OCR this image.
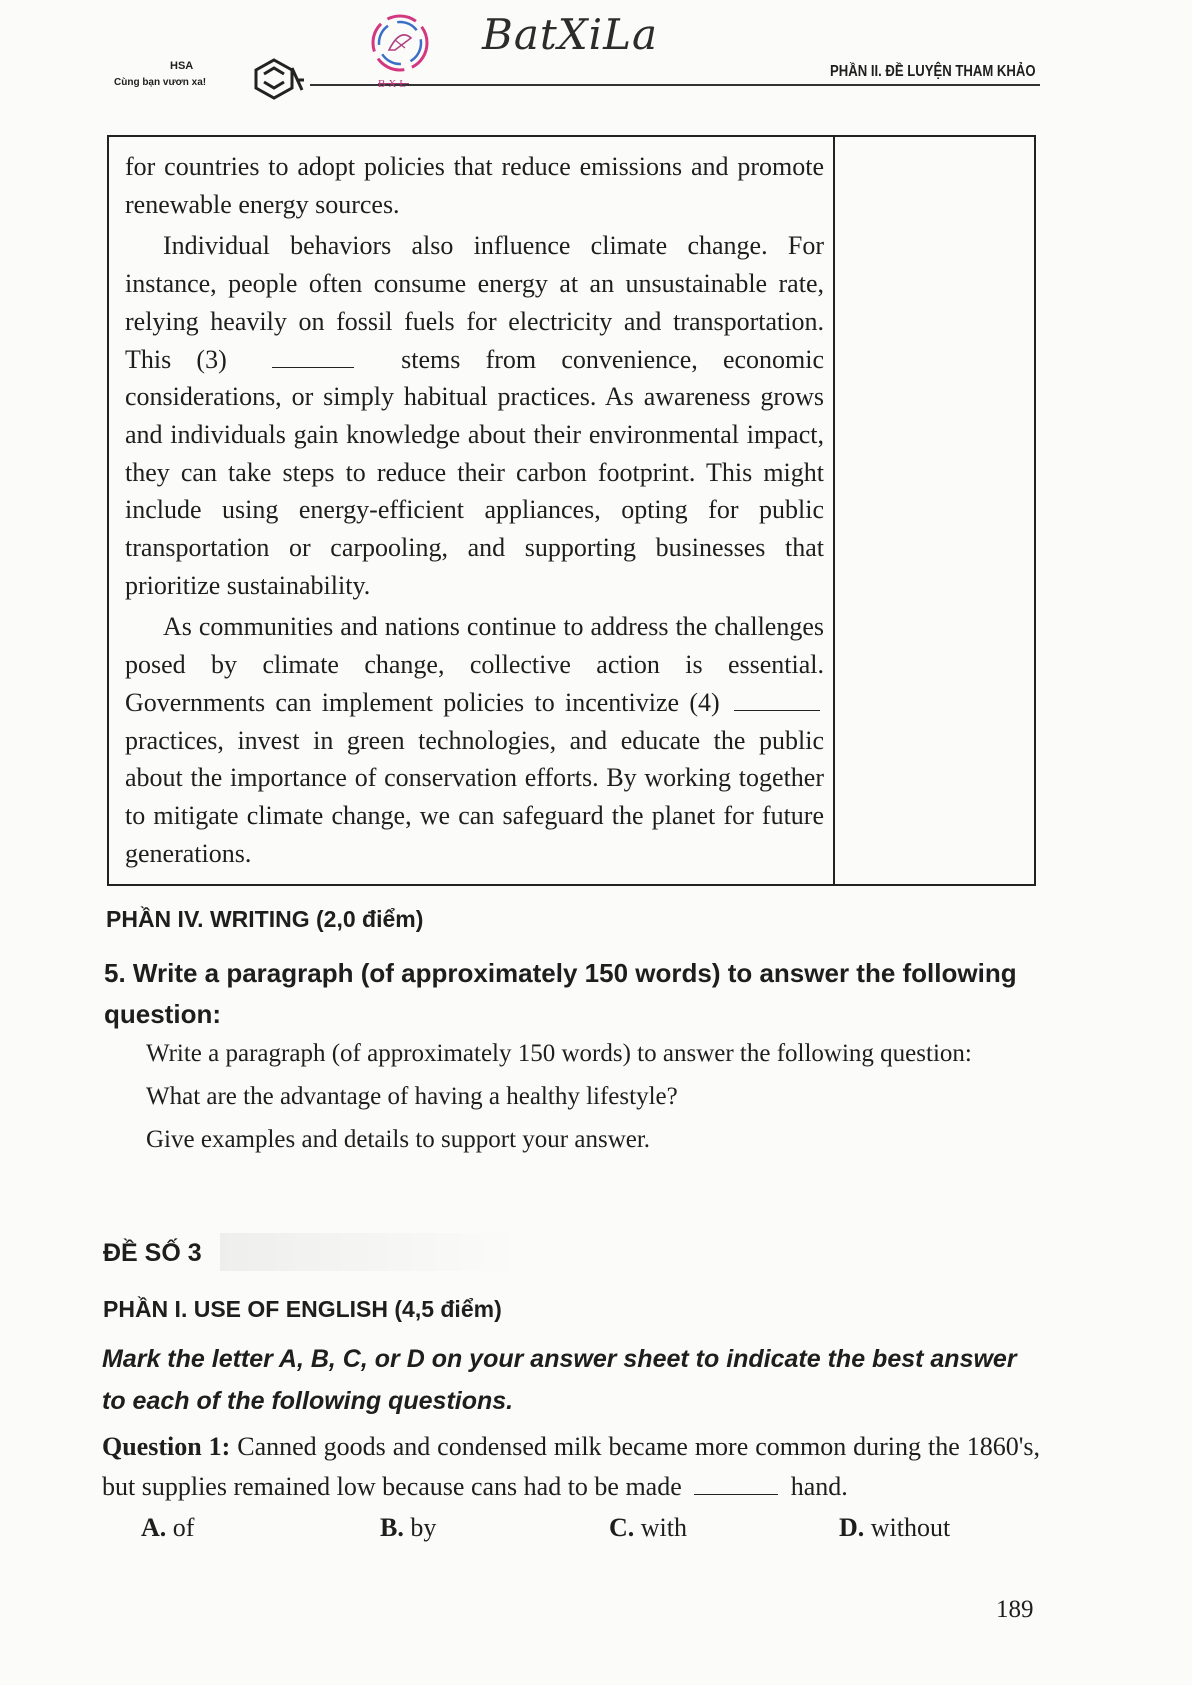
HSA
Cùng bạn vươn xa!
BatXiLa
BXL
PHẦN II. ĐỀ LUYỆN THAM KHẢO

for countries to adopt policies that reduce emissions and promote renewable energy sources.

Individual behaviors also influence climate change. For instance, people often consume energy at an unsustainable rate, relying heavily on fossil fuels for electricity and transportation. This (3)	stems from convenience, economic considerations, or simply habitual practices. As awareness grows and individuals gain knowledge about their environmental impact, they can take steps to reduce their carbon footprint. This might include using energy-efficient appliances, opting for public transportation or carpooling, and supporting businesses that prioritize sustainability.

As communities and nations continue to address the challenges posed by climate change, collective action is essential. Governments can implement policies to incentivize (4)  practices, invest in green technologies, and educate the public about the importance of conservation efforts. By working together to mitigate climate change, we can safeguard the planet for future generations.

PHẦN IV. WRITING (2,0 điểm)
5. Write a paragraph (of approximately 150 words) to answer the following question:
Write a paragraph (of approximately 150 words) to answer the following question:
What are the advantage of having a healthy lifestyle?
Give examples and details to support your answer.
ĐỀ SỐ 3
PHẦN I. USE OF ENGLISH (4,5 điểm)
Mark the letter A, B, C, or D on your answer sheet to indicate the best answer to each of the following questions.
Question 1: Canned goods and condensed milk became more common during the 1860's, but supplies remained low because cans had to be made	hand.
A. of	B. by	C. with	D. without
189
